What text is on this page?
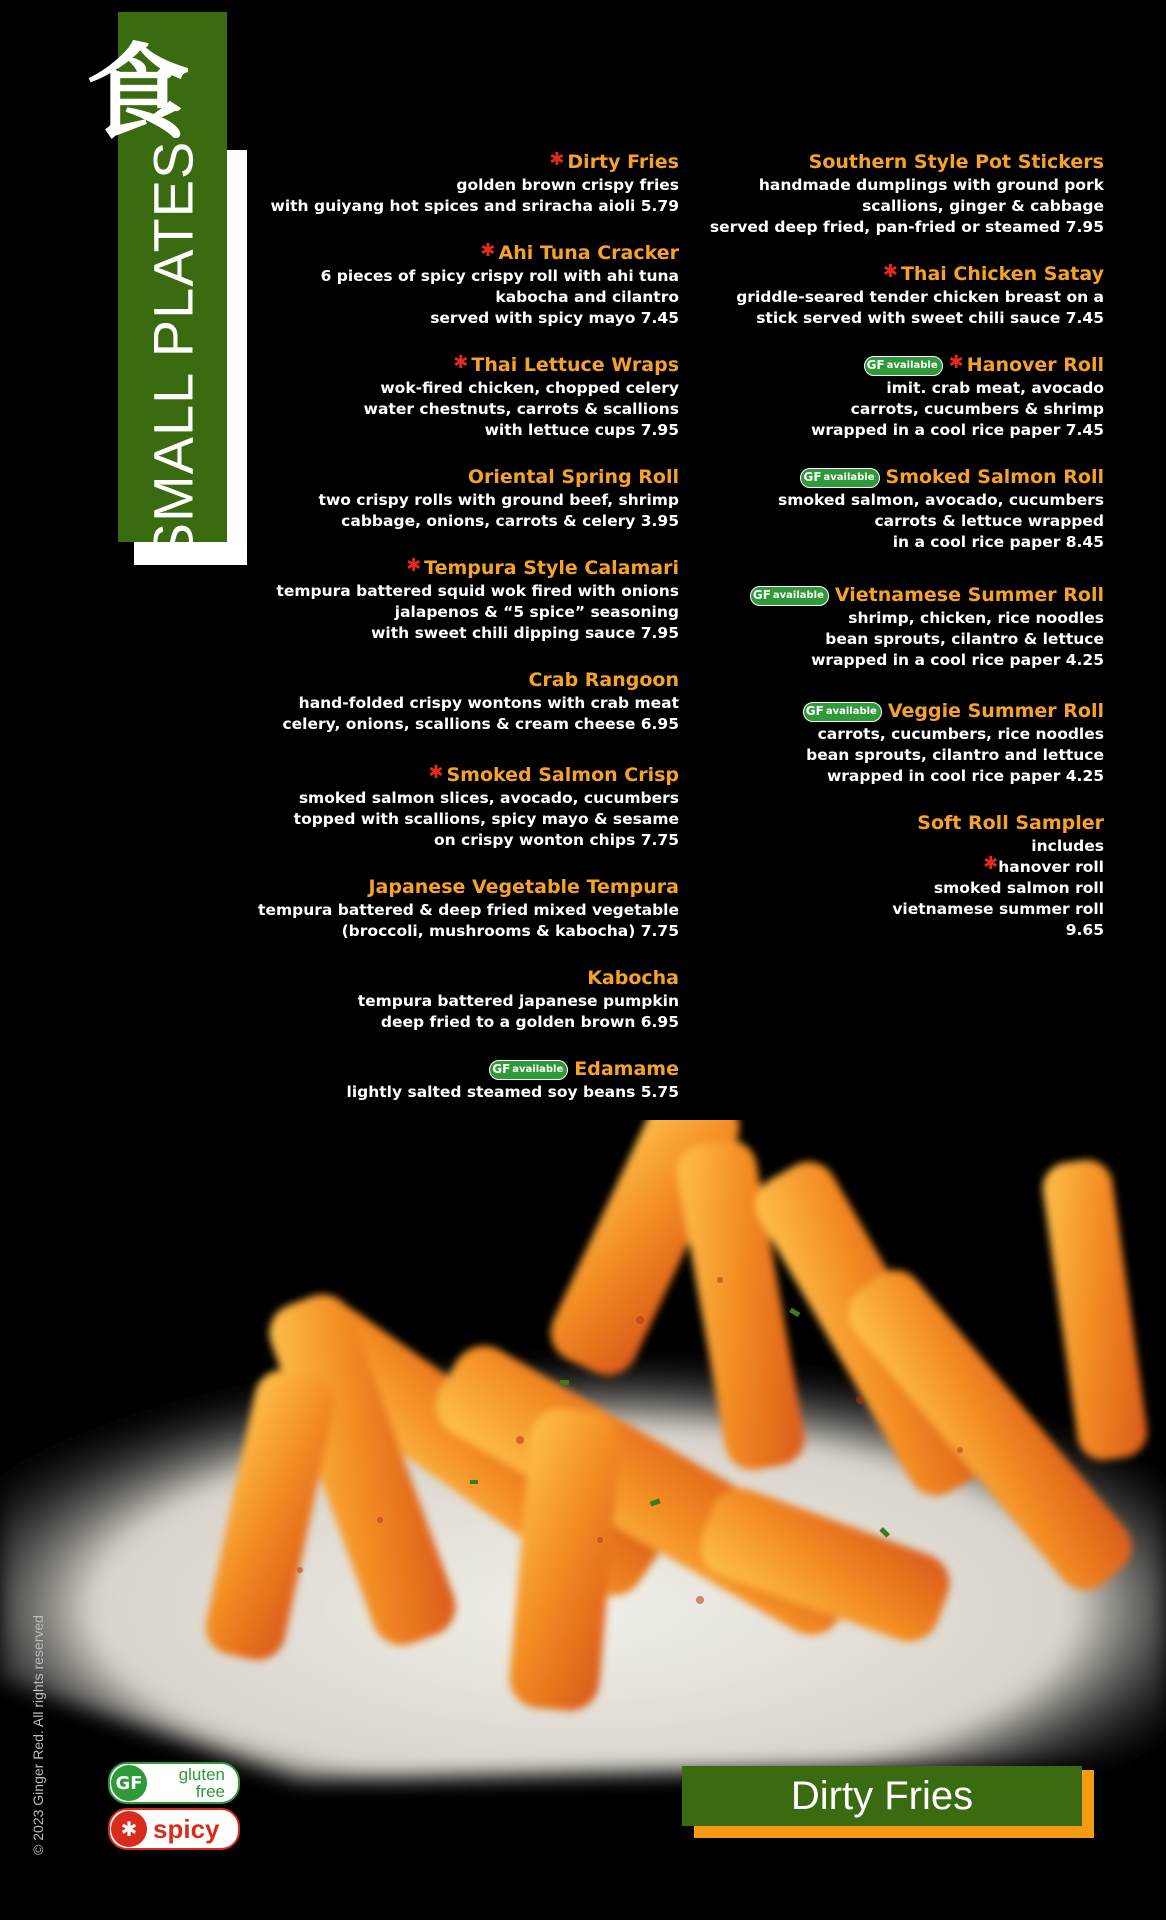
食
SMALL PLATES	✱ Dirty Fries
golden brown crispy fries
with guiyang hot spices and sriracha aioli 5.79
✱ Ahi Tuna Cracker
6 pieces of spicy crispy roll with ahi tuna
kabocha and cilantro
served with spicy mayo 7.45
✱ Thai Lettuce Wraps
wok-fired chicken, chopped celery
water chestnuts, carrots & scallions
with lettuce cups 7.95
Oriental Spring Roll
two crispy rolls with ground beef, shrimp
cabbage, onions, carrots & celery 3.95
✱ Tempura Style Calamari
tempura battered squid wok fired with onions
jalapenos & “5 spice” seasoning
with sweet chili dipping sauce 7.95
Crab Rangoon
hand-folded crispy wontons with crab meat
celery, onions, scallions & cream cheese 6.95
✱ Smoked Salmon Crisp
smoked salmon slices, avocado, cucumbers
topped with scallions, spicy mayo & sesame
on crispy wonton chips 7.75
Japanese Vegetable Tempura
tempura battered & deep fried mixed vegetable
(broccoli, mushrooms & kabocha) 7.75
Kabocha
tempura battered japanese pumpkin
deep fried to a golden brown 6.95
GF available Edamame
lightly salted steamed soy beans 5.75
Southern Style Pot Stickers
handmade dumplings with ground pork
scallions, ginger & cabbage
served deep fried, pan-fried or steamed 7.95
✱ Thai Chicken Satay
griddle-seared tender chicken breast on a
stick served with sweet chili sauce 7.45
GF available ✱ Hanover Roll
imit. crab meat, avocado
carrots, cucumbers & shrimp
wrapped in a cool rice paper 7.45
GF available Smoked Salmon Roll
smoked salmon, avocado, cucumbers
carrots & lettuce wrapped
in a cool rice paper 8.45
GF available Vietnamese Summer Roll
shrimp, chicken, rice noodles
bean sprouts, cilantro & lettuce
wrapped in a cool rice paper 4.25
GF available Veggie Summer Roll
carrots, cucumbers, rice noodles
bean sprouts, cilantro and lettuce
wrapped in cool rice paper 4.25
Soft Roll Sampler
includes
✱hanover roll
smoked salmon roll
vietnamese summer roll
9.65
Dirty Fries
GF	gluten
free
✱ spicy
© 2023 Ginger Red. All rights reserved
